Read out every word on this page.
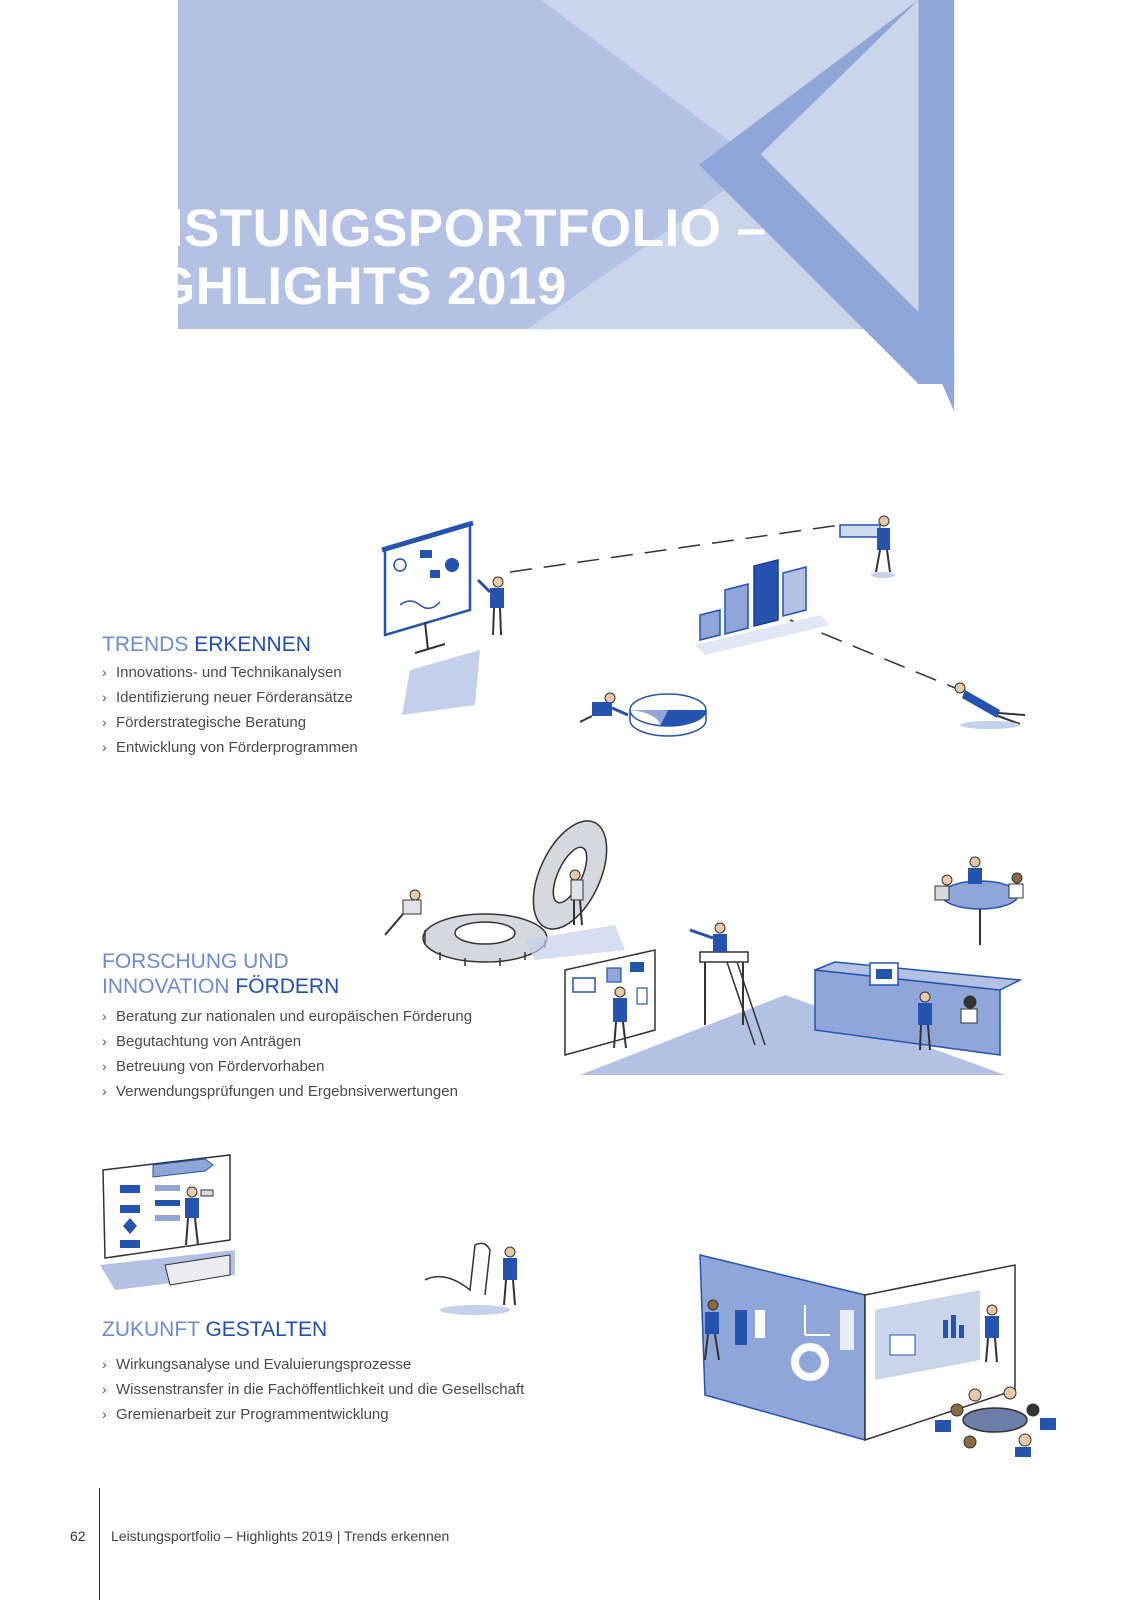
LEISTUNGSPORTFOLIO –
HIGHLIGHTS 2019
TRENDS ERKENNEN
› Innovations- und Technikanalysen
› Identifizierung neuer Förderansätze
› Förderstrategische Beratung
› Entwicklung von Förderprogrammen
FORSCHUNG UND
INNOVATION FÖRDERN
› Beratung zur nationalen und europäischen Förderung
› Begutachtung von Anträgen
› Betreuung von Fördervorhaben
› Verwendungsprüfungen und Ergebnsiverwertungen
ZUKUNFT GESTALTEN
› Wirkungsanalyse und Evaluierungsprozesse
› Wissenstransfer in die Fachöffentlichkeit und die Gesellschaft
› Gremienarbeit zur Programmentwicklung
62 Leistungsportfolio – Highlights 2019 | Trends erkennen
